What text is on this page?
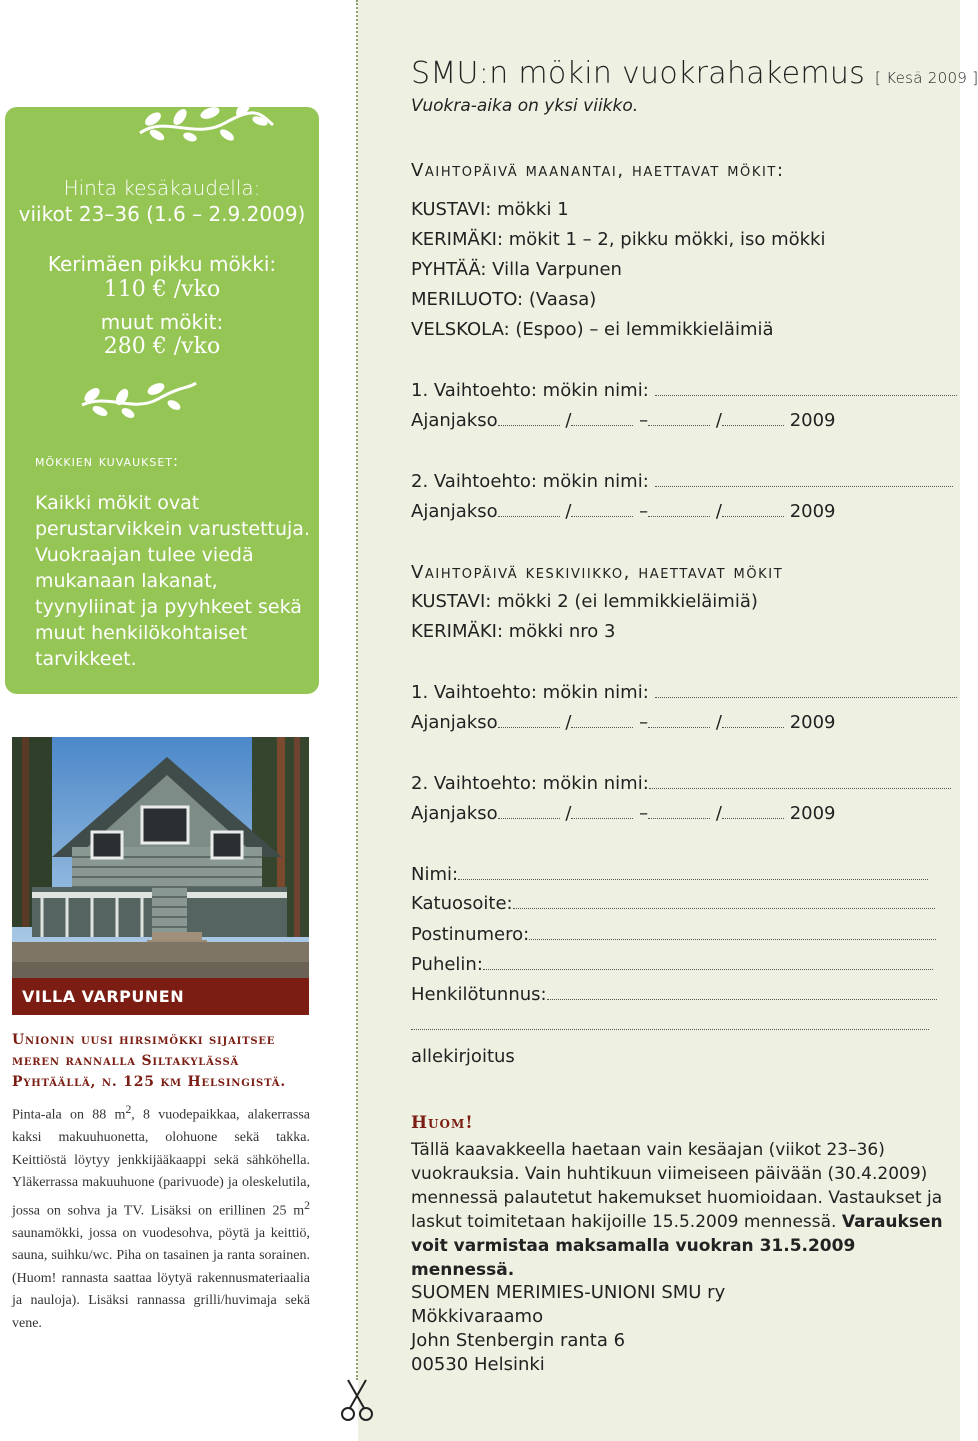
Hinta kesäkaudella:
viikot 23–36 (1.6 – 2.9.2009)
Kerimäen pikku mökki:
110 € /vko
muut mökit:
280 € /vko
mökkien kuvaukset:
Kaikki mökit ovat perustarvikkein varustettuja. Vuokraajan tulee viedä mukanaan lakanat, tyynyliinat ja pyyhkeet sekä muut henkilökohtaiset tarvikkeet.
VILLA VARPUNEN
Unionin uusi hirsimökki sijaitsee meren rannalla Siltakylässä Pyhtäällä, n. 125 km Helsingistä.
Pinta-ala on 88 $m^2$, 8 vuodepaikkaa, alakerrassa kaksi makuuhuonetta, olohuone sekä takka. Keittiöstä löytyy jenkkijääkaappi sekä sähköhella. Yläkerrassa makuuhuone (parivuode) ja oleskelutila, jossa on sohva ja TV. Lisäksi on erillinen 25 $m^2$ saunamökki, jossa on vuodesohva, pöytä ja keittiö, sauna, suihku/wc. Piha on tasainen ja ranta sorainen. (Huom! rannasta saattaa löytyä rakennusmateriaalia ja nauloja). Lisäksi rannassa grilli/huvimaja sekä vene.
SMU:n mökin vuokrahakemus [ Kesä 2009 ]
Vuokra-aika on yksi viikko.
Vaihtopäivä maanantai, haettavat mökit:
KUSTAVI: mökki 1
KERIMÄKI: mökit 1 – 2, pikku mökki, iso mökki
PYHTÄÄ: Villa Varpunen
MERILUOTO: (Vaasa)
VELSKOLA: (Espoo) – ei lemmikkieläimiä
1. Vaihtoehto: mökin nimi:
Ajanjakso	/	–	/	2009
2. Vaihtoehto: mökin nimi:
Ajanjakso	/	–	/	2009
Vaihtopäivä keskiviikko, haettavat mökit
KUSTAVI: mökki 2 (ei lemmikkieläimiä)
KERIMÄKI: mökki nro 3
1. Vaihtoehto: mökin nimi:
Ajanjakso	/	–	/	2009
2. Vaihtoehto: mökin nimi:
Ajanjakso	/	–	/	2009
Nimi:
Katuosoite:
Postinumero:
Puhelin:
Henkilötunnus:
allekirjoitus
Huom!
Tällä kaavakkeella haetaan vain kesäajan (viikot 23–36) vuokrauksia. Vain huhtikuun viimeiseen päivään (30.4.2009) mennessä palautetut hakemukset huomioidaan. Vastaukset ja laskut toimitetaan hakijoille 15.5.2009 mennessä. Varauksen voit varmistaa maksamalla vuokran 31.5.2009 mennessä.
SUOMEN MERIMIES-UNIONI SMU ry
Mökkivaraamo
John Stenbergin ranta 6
00530 Helsinki
